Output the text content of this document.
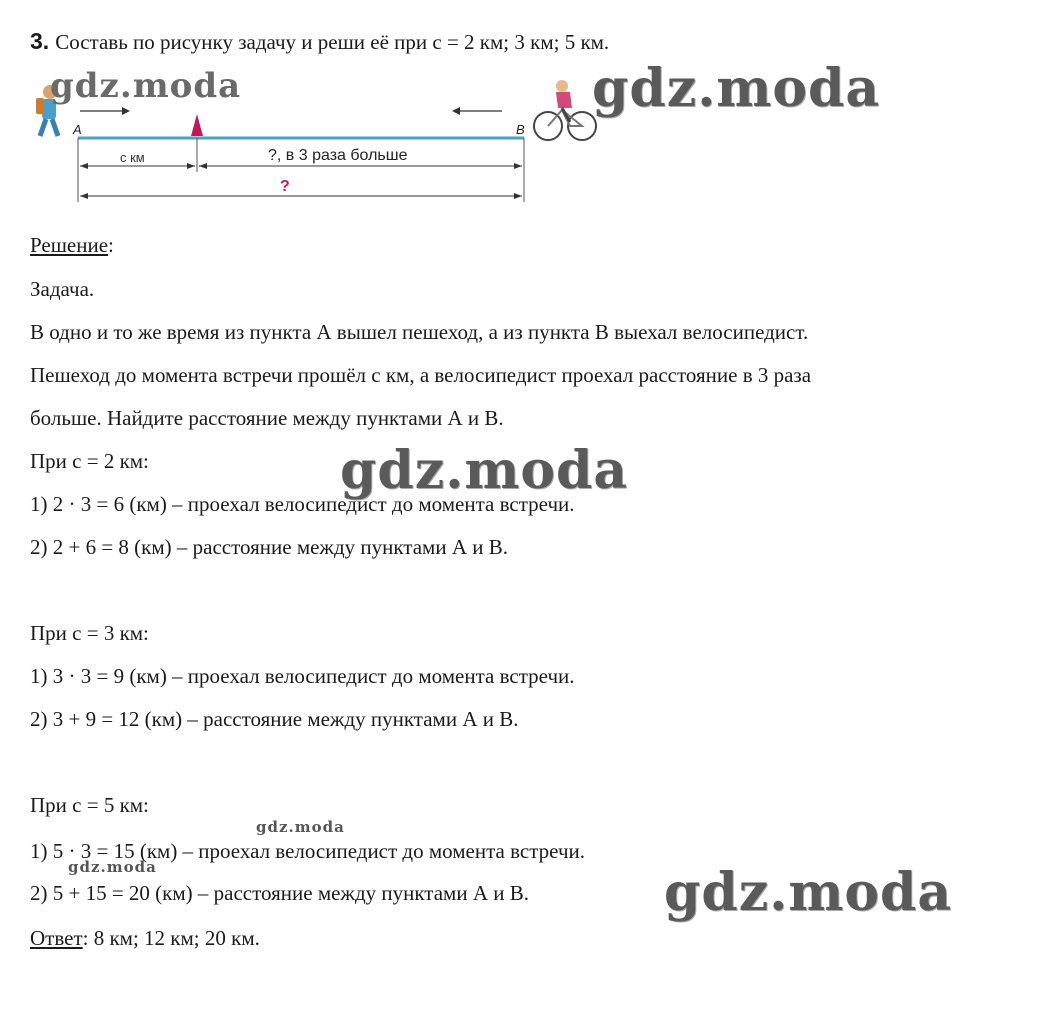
3. Составь по рисунку задачу и реши её при с = 2 км; 3 км; 5 км.

A	B
с км	?, в 3 раза больше
?
gdz.moda	gdz.moda
gdz.moda
gdz.moda
gdz.moda	gdz.moda

Решение:

Задача.

В одно и то же время из пункта А вышел пешеход, а из пункта В выехал велосипедист.

Пешеход до момента встречи прошёл с км, а велосипедист проехал расстояние в 3 раза

больше. Найдите расстояние между пунктами А и В.

При с = 2 км:

1) 2 · 3 = 6 (км) – проехал велосипедист до момента встречи.

2) 2 + 6 = 8 (км) – расстояние между пунктами А и В.

При с = 3 км:

1) 3 · 3 = 9 (км) – проехал велосипедист до момента встречи.

2) 3 + 9 = 12 (км) – расстояние между пунктами А и В.

При с = 5 км:

1) 5 · 3 = 15 (км) – проехал велосипедист до момента встречи.

2) 5 + 15 = 20 (км) – расстояние между пунктами А и В.

Ответ: 8 км; 12 км; 20 км.
